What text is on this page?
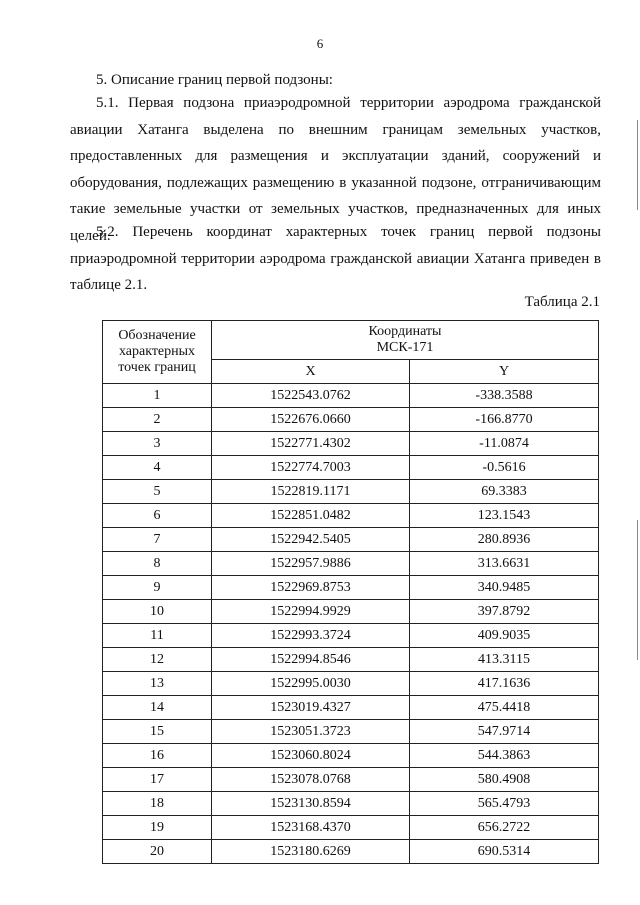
6
5. Описание границ первой подзоны:

5.1. Первая подзона приаэродромной территории аэродрома гражданской авиации Хатанга выделена по внешним границам земельных участков, предоставленных для размещения и эксплуатации зданий, сооружений и оборудования, подлежащих размещению в указанной подзоне, отграничивающим такие земельные участки от земельных участков, предназначенных для иных целей.

5.2. Перечень координат характерных точек границ первой подзоны приаэродромной территории аэродрома гражданской авиации Хатанга приведен в таблице 2.1.

Таблица 2.1
Обозначение характерных точек границ	Координаты
МСК-171	

	X	Y
1	1522543.0762	-338.3588
2	1522676.0660	-166.8770
3	1522771.4302	-11.0874
4	1522774.7003	-0.5616
5	1522819.1171	69.3383
6	1522851.0482	123.1543
7	1522942.5405	280.8936
8	1522957.9886	313.6631
9	1522969.8753	340.9485
10	1522994.9929	397.8792
11	1522993.3724	409.9035
12	1522994.8546	413.3115
13	1522995.0030	417.1636
14	1523019.4327	475.4418
15	1523051.3723	547.9714
16	1523060.8024	544.3863
17	1523078.0768	580.4908
18	1523130.8594	565.4793
19	1523168.4370	656.2722
20	1523180.6269	690.5314
